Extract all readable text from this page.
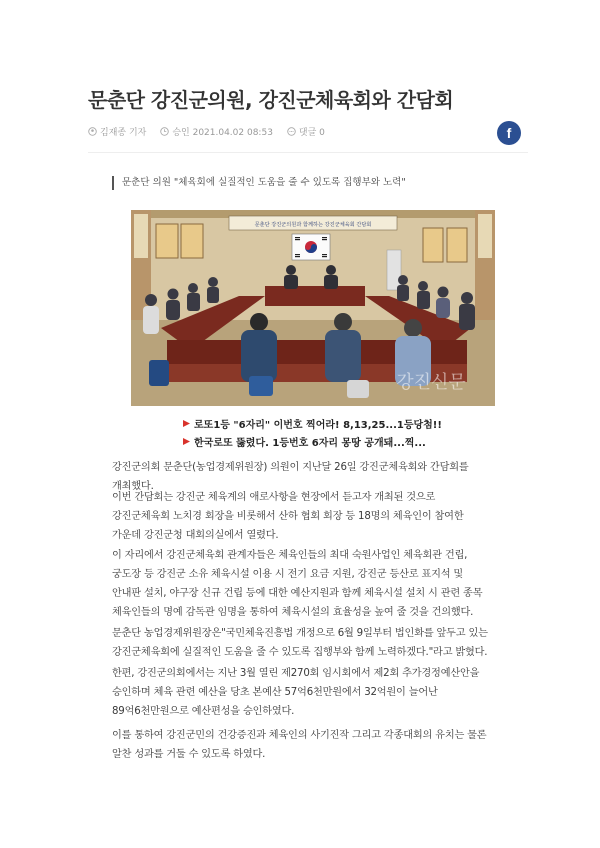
문춘단 강진군의원, 강진군체육회와 간담회
김재종 기자	승인 2021.04.02 08:53	댓글 0	f
문춘단 의원 "체육회에 실질적인 도움을 줄 수 있도록 집행부와 노력"
문춘단 강진군의원과 함께하는 강진군체육회 간담회
강진신문
로또1등 "6자리" 이번호 찍어라! 8,13,25...1등당첨!!
한국로또 뚫렸다. 1등번호 6자리 몽땅 공개돼...찍...

강진군의회 문춘단(농업경제위원장) 의원이 지난달 26일 강진군체육회와 간담회를 개최했다.

이번 간담회는 강진군 체육계의 애로사항을 현장에서 듣고자 개최된 것으로 강진군체육회 노치경 회장을 비롯해서 산하 협회 회장 등 18명의 체육인이 참여한 가운데 강진군청 대회의실에서 열렸다.

이 자리에서 강진군체육회 관계자들은 체육인들의 최대 숙원사업인 체육회관 건립, 궁도장 등 강진군 소유 체육시설 이용 시 전기 요금 지원, 강진군 등산로 표지석 및 안내판 설치, 야구장 신규 건립 등에 대한 예산지원과 함께 체육시설 설치 시 관련 종목 체육인들의 명예 감독관 임명을 통하여 체육시설의 효율성을 높여 줄 것을 건의했다.

문춘단 농업경제위원장은"국민체육진흥법 개정으로 6월 9일부터 법인화를 앞두고 있는 강진군체육회에 실질적인 도움을 줄 수 있도록 집행부와 함께 노력하겠다."라고 밝혔다.

한편, 강진군의회에서는 지난 3월 열린 제270회 임시회에서 제2회 추가경정예산안을 승인하며 체육 관련 예산을 당초 본예산 57억6천만원에서 32억원이 늘어난 89억6천만원으로 예산편성을 승인하였다.

이를 통하여 강진군민의 건강증진과 체육인의 사기진작 그리고 각종대회의 유치는 물론 알찬 성과를 거둘 수 있도록 하였다.
